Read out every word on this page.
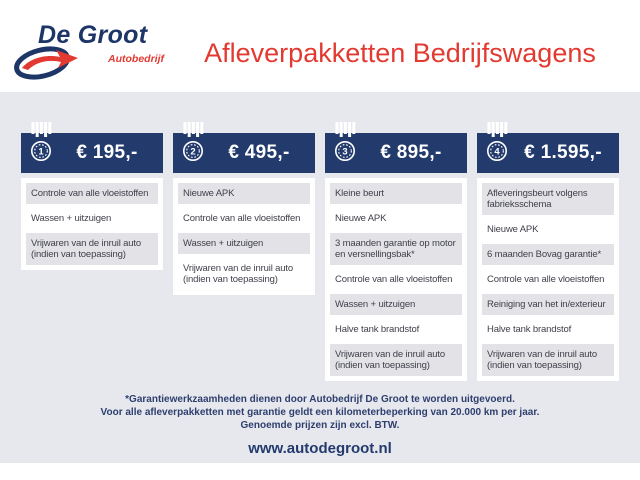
De Groot
Autobedrijf	Afleverpakketten Bedrijfswagens
1 € 195,-
Controle van alle vloeistoffen
Wassen + uitzuigen
Vrijwaren van de inruil auto (indien van toepassing)
2 € 495,-
Nieuwe APK
Controle van alle vloeistoffen
Wassen + uitzuigen
Vrijwaren van de inruil auto (indien van toepassing)
3 € 895,-
Kleine beurt
Nieuwe APK
3 maanden garantie op motor en versnellingsbak*
Controle van alle vloeistoffen
Wassen + uitzuigen
Halve tank brandstof
Vrijwaren van de inruil auto (indien van toepassing)
4 € 1.595,-
Afleveringsbeurt volgens fabrieksschema
Nieuwe APK
6 maanden Bovag garantie*
Controle van alle vloeistoffen
Reiniging van het in/exterieur
Halve tank brandstof
Vrijwaren van de inruil auto (indien van toepassing)
*Garantiewerkzaamheden dienen door Autobedrijf De Groot te worden uitgevoerd.
Voor alle afleverpakketten met garantie geldt een kilometerbeperking van 20.000 km per jaar.
Genoemde prijzen zijn excl. BTW.
www.autodegroot.nl
